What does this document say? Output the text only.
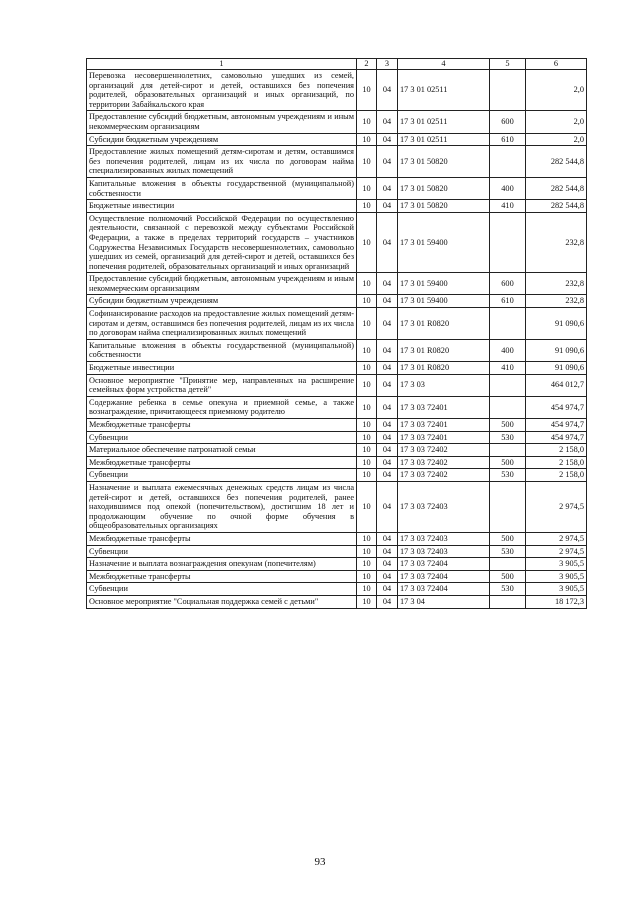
1	2	3	4	5	6
Перевозка несовершеннолетних, самовольно ушедших из семей, организаций для детей-сирот и детей, оставшихся без попечения родителей, образовательных организаций и иных организаций, по территории Забайкальского края	10	04	17 3 01 02511		2,0
Предоставление субсидий бюджетным, автономным учреждениям и иным некоммерческим организациям	10	04	17 3 01 02511	600	2,0
Субсидии бюджетным учреждениям	10	04	17 3 01 02511	610	2,0
Предоставление жилых помещений детям-сиротам и детям, оставшимся без попечения родителей, лицам из их числа по договорам найма специализированных жилых помещений	10	04	17 3 01 50820		282 544,8
Капитальные вложения в объекты государственной (муниципальной) собственности	10	04	17 3 01 50820	400	282 544,8
Бюджетные инвестиции	10	04	17 3 01 50820	410	282 544,8
Осуществление полномочий Российской Федерации по осуществлению деятельности, связанной с перевозкой между субъектами Российской Федерации, а также в пределах территорий государств – участников Содружества Независимых Государств несовершеннолетних, самовольно ушедших из семей, организаций для детей-сирот и детей, оставшихся без попечения родителей, образовательных организаций и иных организаций	10	04	17 3 01 59400		232,8
Предоставление субсидий бюджетным, автономным учреждениям и иным некоммерческим организациям	10	04	17 3 01 59400	600	232,8
Субсидии бюджетным учреждениям	10	04	17 3 01 59400	610	232,8
Софинансирование расходов на предоставление жилых помещений детям-сиротам и детям, оставшимся без попечения родителей, лицам из их числа по договорам найма специализированных жилых помещений	10	04	17 3 01 R0820		91 090,6
Капитальные вложения в объекты государственной (муниципальной) собственности	10	04	17 3 01 R0820	400	91 090,6
Бюджетные инвестиции	10	04	17 3 01 R0820	410	91 090,6
Основное мероприятие "Принятие мер, направленных на расширение семейных форм устройства детей"	10	04	17 3 03		464 012,7
Содержание ребенка в семье опекуна и приемной семье, а также вознаграждение, причитающееся приемному родителю	10	04	17 3 03 72401		454 974,7
Межбюджетные трансферты	10	04	17 3 03 72401	500	454 974,7
Субвенции	10	04	17 3 03 72401	530	454 974,7
Материальное обеспечение патронатной семьи	10	04	17 3 03 72402		2 158,0
Межбюджетные трансферты	10	04	17 3 03 72402	500	2 158,0
Субвенции	10	04	17 3 03 72402	530	2 158,0
Назначение и выплата ежемесячных денежных средств лицам из числа детей-сирот и детей, оставшихся без попечения родителей, ранее находившимся под опекой (попечительством), достигшим 18 лет и продолжающим обучение по очной форме обучения в общеобразовательных организациях	10	04	17 3 03 72403		2 974,5
Межбюджетные трансферты	10	04	17 3 03 72403	500	2 974,5
Субвенции	10	04	17 3 03 72403	530	2 974,5
Назначение и выплата вознаграждения опекунам (попечителям)	10	04	17 3 03 72404		3 905,5
Межбюджетные трансферты	10	04	17 3 03 72404	500	3 905,5
Субвенции	10	04	17 3 03 72404	530	3 905,5
Основное мероприятие "Социальная поддержка семей с детьми"	10	04	17 3 04		18 172,3
93
